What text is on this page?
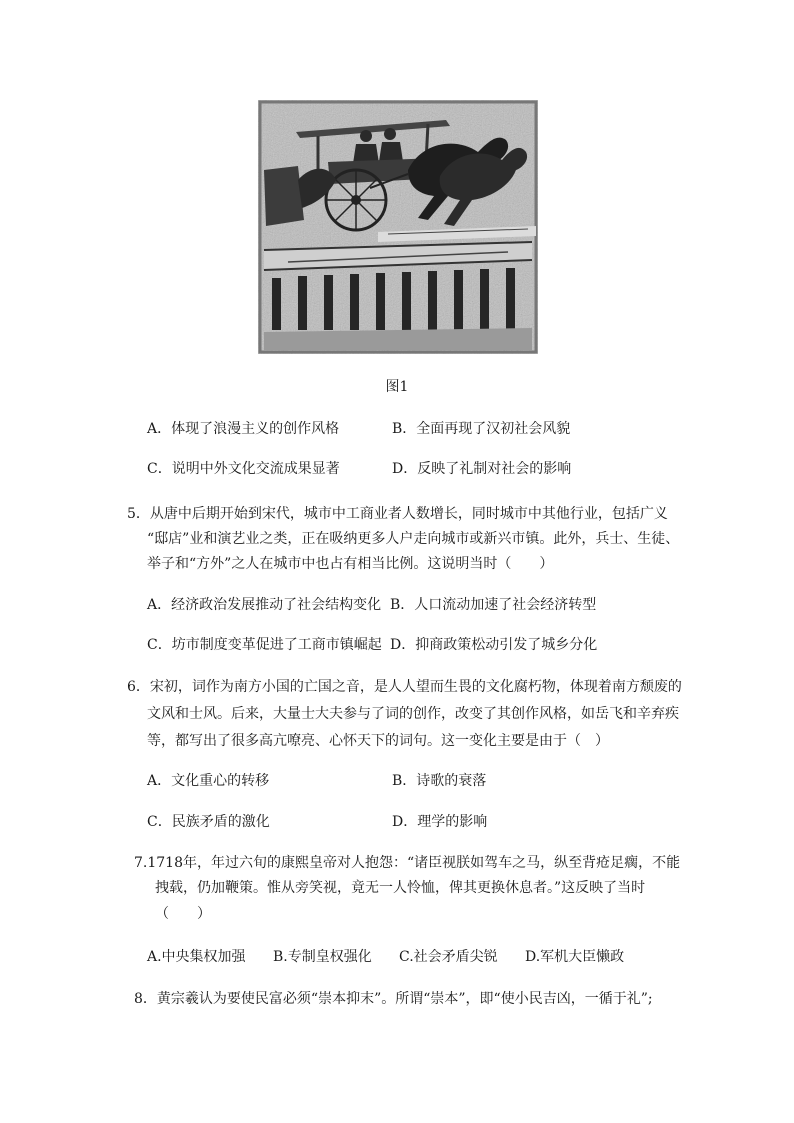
图1
A．体现了浪漫主义的创作风格	B．全面再现了汉初社会风貌
C．说明中外文化交流成果显著	D．反映了礼制对社会的影响
5．从唐中后期开始到宋代，城市中工商业者人数增长，同时城市中其他行业，包括广义
“邸店”业和演艺业之类，正在吸纳更多人户走向城市或新兴市镇。此外，兵士、生徒、
举子和“方外”之人在城市中也占有相当比例。这说明当时（　　）
A．经济政治发展推动了社会结构变化 B．人口流动加速了社会经济转型
C．坊市制度变革促进了工商市镇崛起 D．抑商政策松动引发了城乡分化
6．宋初，词作为南方小国的亡国之音，是人人望而生畏的文化腐朽物，体现着南方颓废的
文风和士风。后来，大量士大夫参与了词的创作，改变了其创作风格，如岳飞和辛弃疾
等，都写出了很多高亢嘹亮、心怀天下的词句。这一变化主要是由于（　）
A．文化重心的转移	B．诗歌的衰落
C．民族矛盾的激化	D．理学的影响
7.1718年，年过六旬的康熙皇帝对人抱怨：“诸臣视朕如驾车之马，纵至背疮足瘸，不能
拽载，仍加鞭策。惟从旁笑视，竟无一人怜恤，俾其更换休息者。”这反映了当时
（　　）
A.中央集权加强 B.专制皇权强化 C.社会矛盾尖锐 D.军机大臣懒政
8．黄宗羲认为要使民富必须“崇本抑末”。所谓“崇本”，即“使小民吉凶，一循于礼”;
